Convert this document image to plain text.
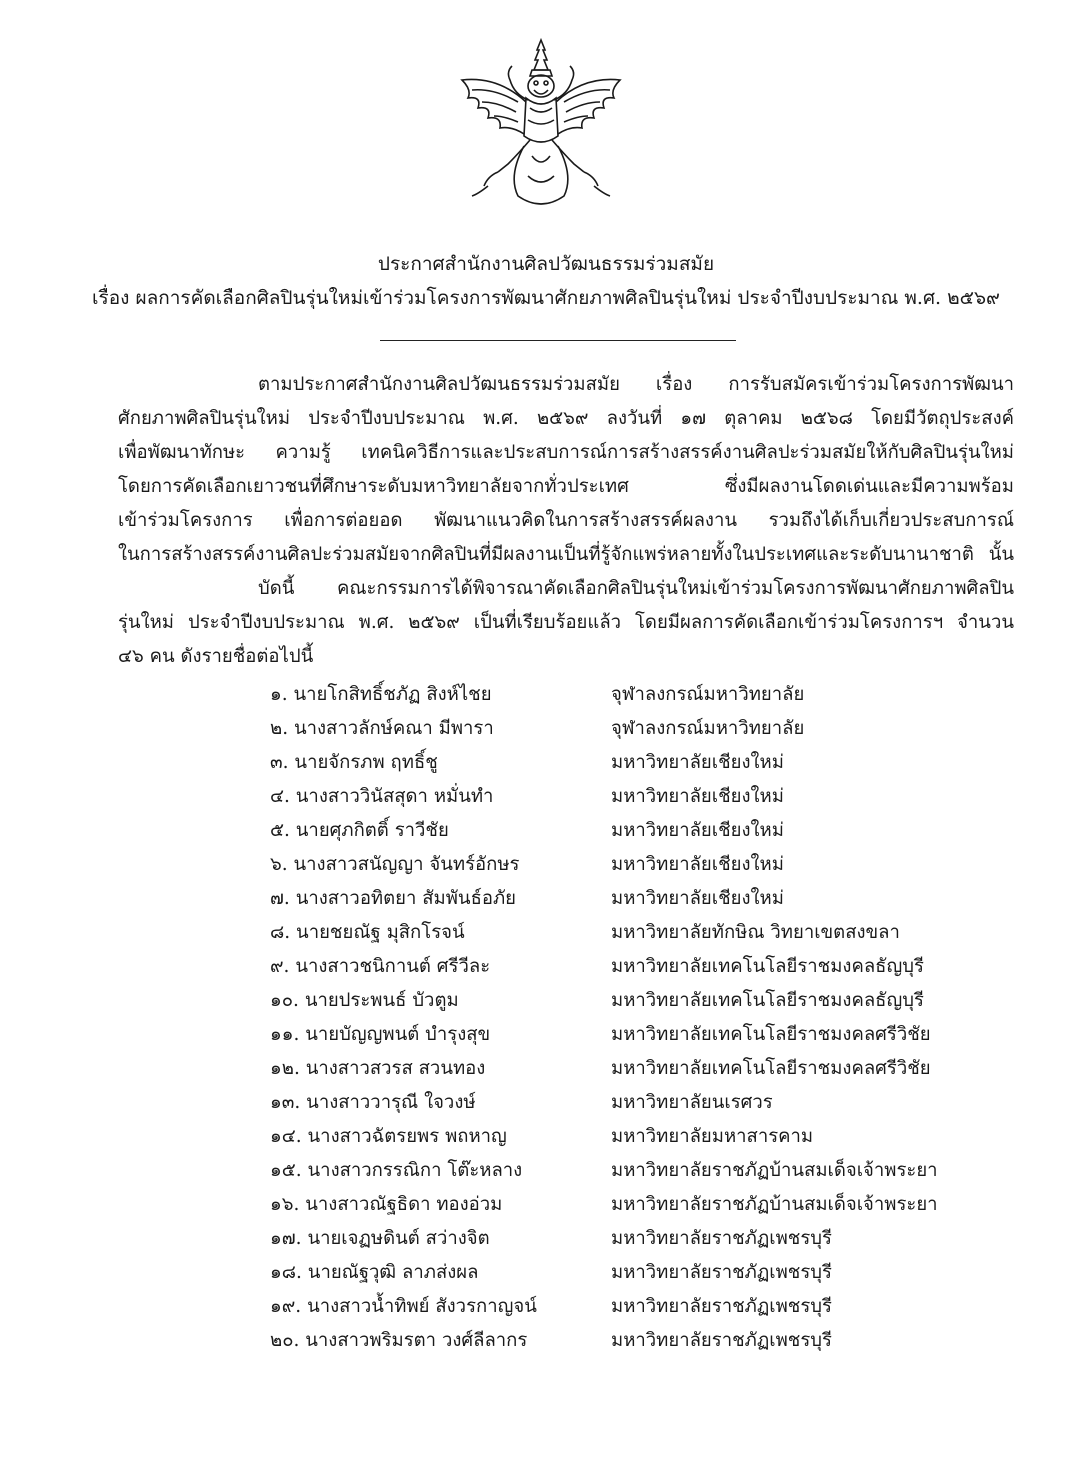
ประกาศสำนักงานศิลปวัฒนธรรมร่วมสมัย
เรื่อง ผลการคัดเลือกศิลปินรุ่นใหม่เข้าร่วมโครงการพัฒนาศักยภาพศิลปินรุ่นใหม่ ประจำปีงบประมาณ พ.ศ. ๒๕๖๙
ตามประกาศสำนักงานศิลปวัฒนธรรมร่วมสมัย เรื่อง การรับสมัครเข้าร่วมโครงการพัฒนา
ศักยภาพศิลปินรุ่นใหม่ ประจำปีงบประมาณ พ.ศ. ๒๕๖๙ ลงวันที่ ๑๗ ตุลาคม ๒๕๖๘ โดยมีวัตถุประสงค์
เพื่อพัฒนาทักษะ ความรู้ เทคนิควิธีการและประสบการณ์การสร้างสรรค์งานศิลปะร่วมสมัยให้กับศิลปินรุ่นใหม่
โดยการคัดเลือกเยาวชนที่ศึกษาระดับมหาวิทยาลัยจากทั่วประเทศ ซึ่งมีผลงานโดดเด่นและมีความพร้อม
เข้าร่วมโครงการ เพื่อการต่อยอด พัฒนาแนวคิดในการสร้างสรรค์ผลงาน รวมถึงได้เก็บเกี่ยวประสบการณ์
ในการสร้างสรรค์งานศิลปะร่วมสมัยจากศิลปินที่มีผลงานเป็นที่รู้จักแพร่หลายทั้งในประเทศและระดับนานาชาติ นั้น
บัดนี้ คณะกรรมการได้พิจารณาคัดเลือกศิลปินรุ่นใหม่เข้าร่วมโครงการพัฒนาศักยภาพศิลปิน
รุ่นใหม่ ประจำปีงบประมาณ พ.ศ. ๒๕๖๙ เป็นที่เรียบร้อยแล้ว โดยมีผลการคัดเลือกเข้าร่วมโครงการฯ จำนวน
๔๖ คน ดังรายชื่อต่อไปนี้
๑. นายโกสิทธิ์ชภัฏ สิงห์ไชย	จุฬาลงกรณ์มหาวิทยาลัย
๒. นางสาวลักษ์คณา มีพารา	จุฬาลงกรณ์มหาวิทยาลัย
๓. นายจักรภพ ฤทธิ์ชู	มหาวิทยาลัยเชียงใหม่
๔. นางสาววินัสสุดา หมั่นทำ	มหาวิทยาลัยเชียงใหม่
๕. นายศุภกิตติ์ ราวีชัย	มหาวิทยาลัยเชียงใหม่
๖. นางสาวสนัญญา จันทร์อักษร	มหาวิทยาลัยเชียงใหม่
๗. นางสาวอทิตยา สัมพันธ์อภัย	มหาวิทยาลัยเชียงใหม่
๘. นายชยณัฐ มุสิกโรจน์	มหาวิทยาลัยทักษิณ วิทยาเขตสงขลา
๙. นางสาวชนิกานต์ ศรีวีละ	มหาวิทยาลัยเทคโนโลยีราชมงคลธัญบุรี
๑๐. นายประพนธ์ บัวตูม	มหาวิทยาลัยเทคโนโลยีราชมงคลธัญบุรี
๑๑. นายบัญญพนต์ บำรุงสุข	มหาวิทยาลัยเทคโนโลยีราชมงคลศรีวิชัย
๑๒. นางสาวสวรส สวนทอง	มหาวิทยาลัยเทคโนโลยีราชมงคลศรีวิชัย
๑๓. นางสาววารุณี ใจวงษ์	มหาวิทยาลัยนเรศวร
๑๔. นางสาวฉัตรยพร พถหาญ	มหาวิทยาลัยมหาสารคาม
๑๕. นางสาวกรรณิกา โต๊ะหลาง	มหาวิทยาลัยราชภัฏบ้านสมเด็จเจ้าพระยา
๑๖. นางสาวณัฐธิดา ทองอ่วม	มหาวิทยาลัยราชภัฏบ้านสมเด็จเจ้าพระยา
๑๗. นายเจฏษดินต์ สว่างจิต	มหาวิทยาลัยราชภัฏเพชรบุรี
๑๘. นายณัฐวุฒิ ลาภส่งผล	มหาวิทยาลัยราชภัฏเพชรบุรี
๑๙. นางสาวน้ำทิพย์ สังวรกาญจน์	มหาวิทยาลัยราชภัฏเพชรบุรี
๒๐. นางสาวพริมรตา วงศ์ลีลากร	มหาวิทยาลัยราชภัฏเพชรบุรี
